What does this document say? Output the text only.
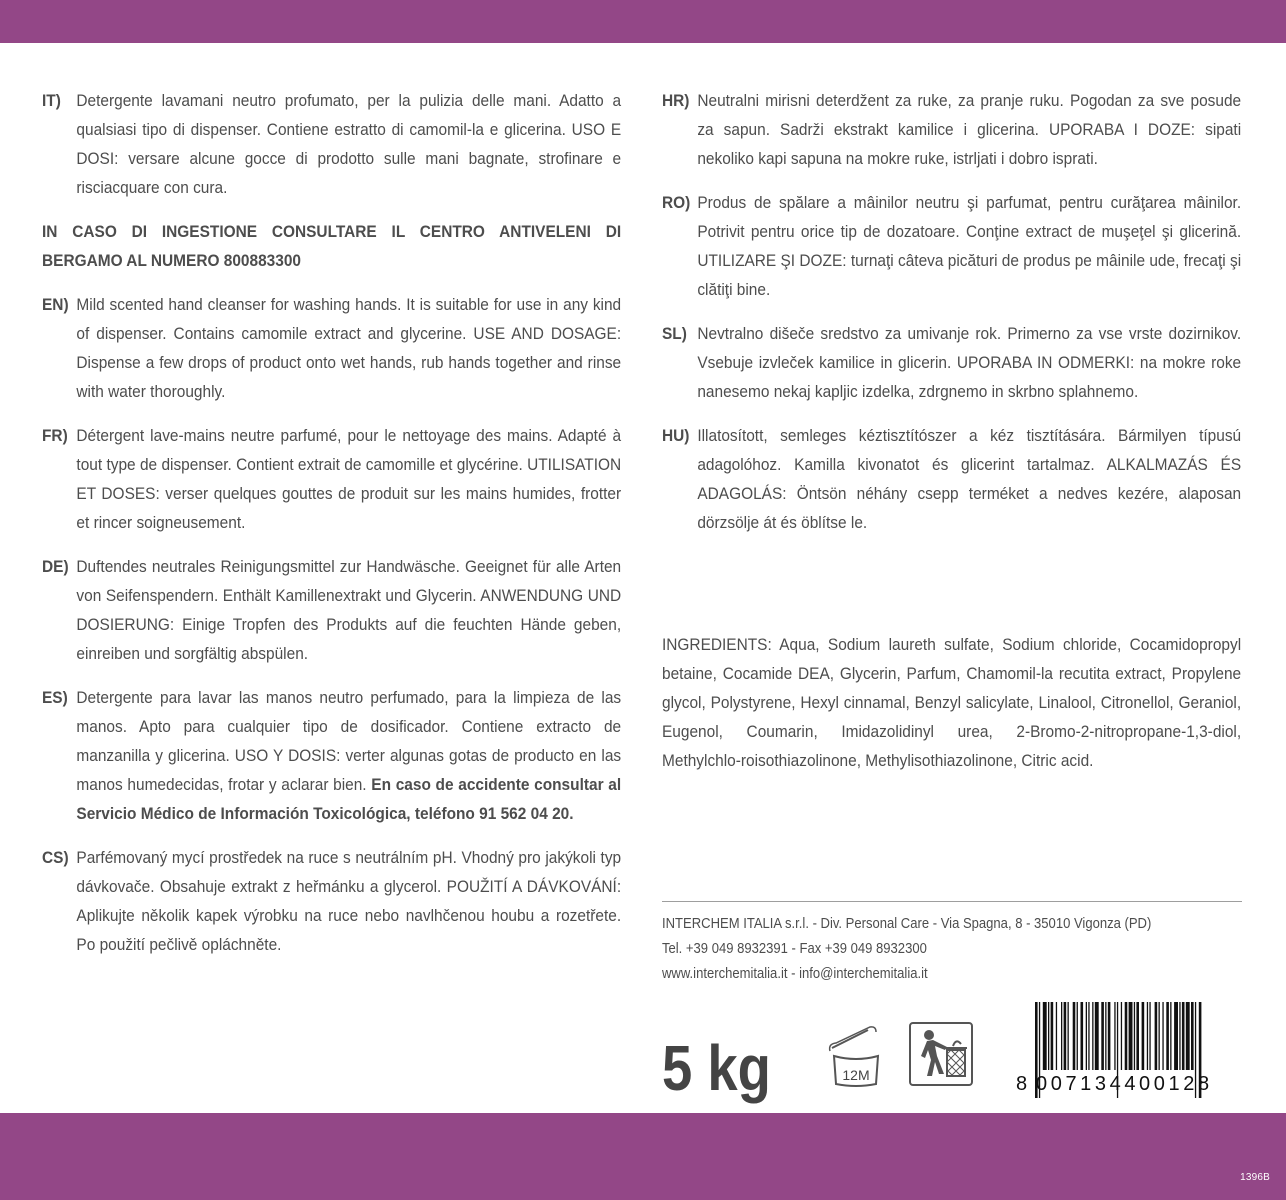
IT) Detergente lavamani neutro profumato, per la pulizia delle mani. Adatto a qualsiasi tipo di dispenser. Contiene estratto di camomil-la e glicerina. USO E DOSI: versare alcune gocce di prodotto sulle mani bagnate, strofinare e risciacquare con cura.
IN CASO DI INGESTIONE CONSULTARE IL CENTRO ANTIVELENI DI BERGAMO AL NUMERO 800883300
EN) Mild scented hand cleanser for washing hands. It is suitable for use in any kind of dispenser. Contains camomile extract and glycerine. USE AND DOSAGE: Dispense a few drops of product onto wet hands, rub hands together and rinse with water thoroughly.
FR) Détergent lave-mains neutre parfumé, pour le nettoyage des mains. Adapté à tout type de dispenser. Contient extrait de camomille et glycérine. UTILISATION ET DOSES: verser quelques gouttes de produit sur les mains humides, frotter et rincer soigneusement.
DE) Duftendes neutrales Reinigungsmittel zur Handwäsche. Geeignet für alle Arten von Seifenspendern. Enthält Kamillenextrakt und Glycerin. ANWENDUNG UND DOSIERUNG: Einige Tropfen des Produkts auf die feuchten Hände geben, einreiben und sorgfältig abspülen.
ES) Detergente para lavar las manos neutro perfumado, para la limpieza de las manos. Apto para cualquier tipo de dosificador. Contiene extracto de manzanilla y glicerina. USO Y DOSIS: verter algunas gotas de producto en las manos humedecidas, frotar y aclarar bien. En caso de accidente consultar al Servicio Médico de Información Toxicológica, teléfono 91 562 04 20.
CS) Parfémovaný mycí prostředek na ruce s neutrálním pH. Vhodný pro jakýkoli typ dávkovače. Obsahuje extrakt z heřmánku a glycerol. POUŽITÍ A DÁVKOVÁNÍ: Aplikujte několik kapek výrobku na ruce nebo navlhčenou houbu a rozetřete. Po použití pečlivě opláchněte.
HR) Neutralni mirisni deterdžent za ruke, za pranje ruku. Pogodan za sve posude za sapun. Sadrži ekstrakt kamilice i glicerina. UPORABA I DOZE: sipati nekoliko kapi sapuna na mokre ruke, istrljati i dobro isprati.
RO) Produs de spălare a mâinilor neutru şi parfumat, pentru curăţarea mâinilor. Potrivit pentru orice tip de dozatoare. Conţine extract de muşeţel şi glicerină. UTILIZARE ŞI DOZE: turnaţi câteva picături de produs pe mâinile ude, frecaţi şi clătiţi bine.
SL) Nevtralno dišeče sredstvo za umivanje rok. Primerno za vse vrste dozirnikov. Vsebuje izvleček kamilice in glicerin. UPORABA IN ODMERKI: na mokre roke nanesemo nekaj kapljic izdelka, zdrgnemo in skrbno splahnemo.
HU) Illatosított, semleges kéztisztítószer a kéz tisztítására. Bármilyen típusú adagolóhoz. Kamilla kivonatot és glicerint tartalmaz. ALKALMAZÁS ÉS ADAGOLÁS: Öntsön néhány csepp terméket a nedves kezére, alaposan dörzsölje át és öblítse le.
INGREDIENTS: Aqua, Sodium laureth sulfate, Sodium chloride, Cocamidopropyl betaine, Cocamide DEA, Glycerin, Parfum, Chamomil-la recutita extract, Propylene glycol, Polystyrene, Hexyl cinnamal, Benzyl salicylate, Linalool, Citronellol, Geraniol, Eugenol, Coumarin, Imidazolidinyl urea, 2-Bromo-2-nitropropane-1,3-diol, Methylchlo-roisothiazolinone, Methylisothiazolinone, Citric acid.
INTERCHEM ITALIA s.r.l. - Div. Personal Care - Via Spagna, 8 - 35010 Vigonza (PD)
Tel. +39 049 8932391 - Fax +39 049 8932300
www.interchemitalia.it - info@interchemitalia.it
5 kg	12M	8 007134400128
1396B
